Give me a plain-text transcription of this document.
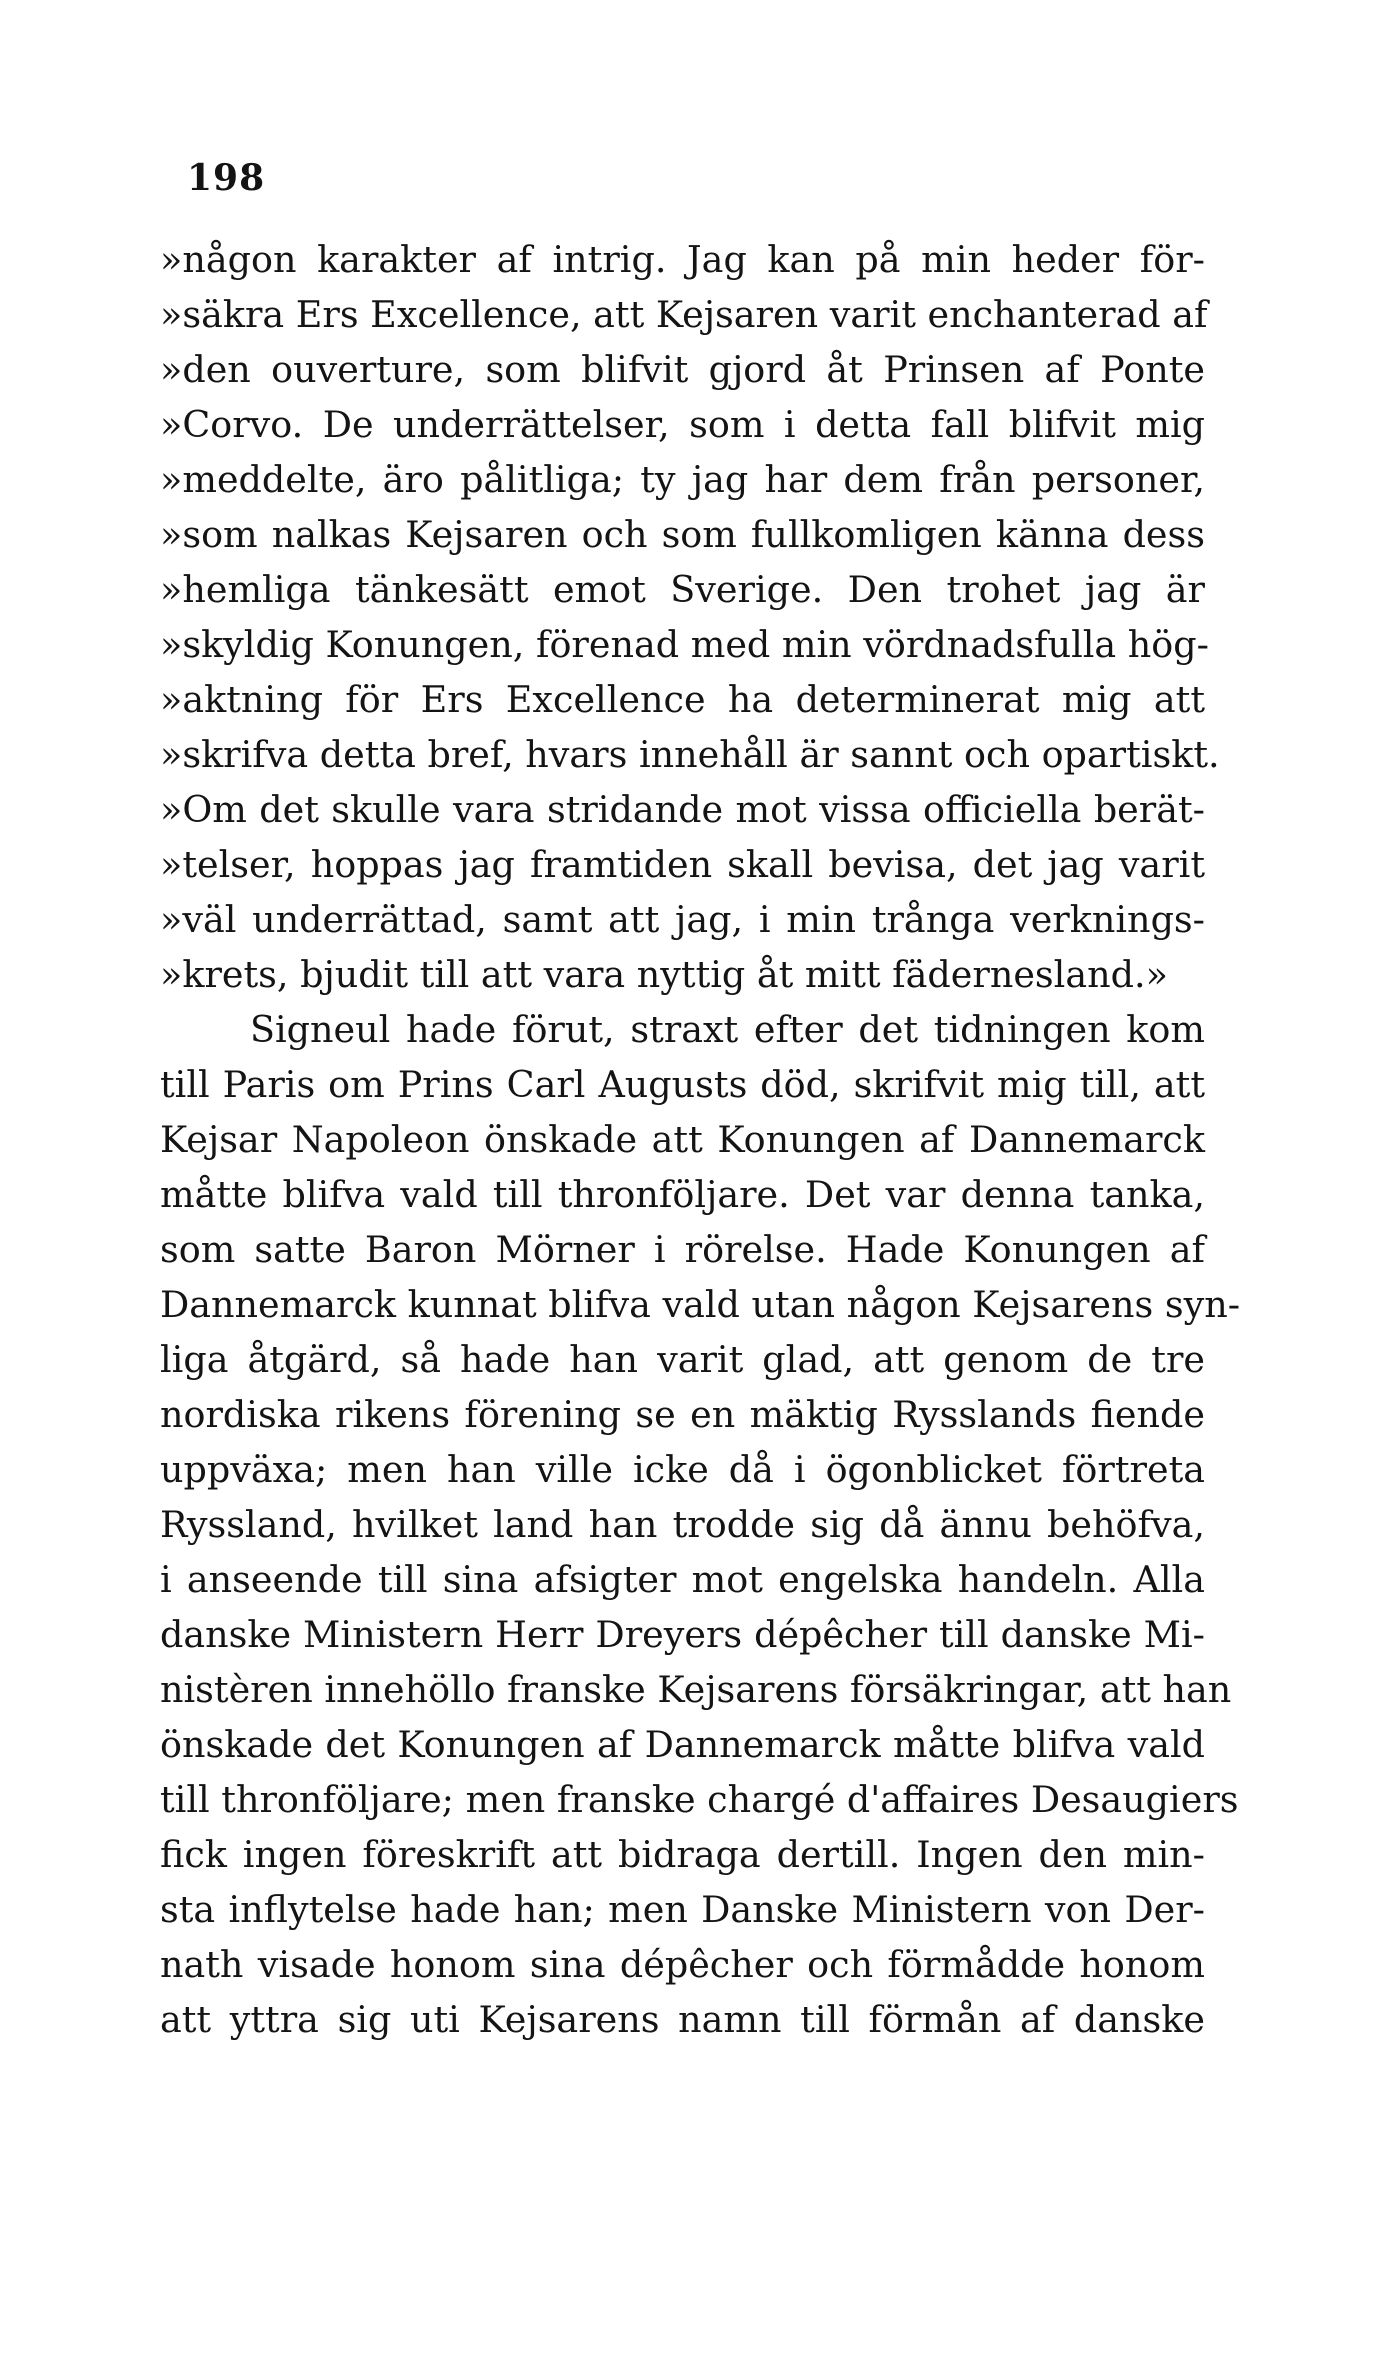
198
»någon karakter af intrig. Jag kan på min heder för-
»säkra Ers Excellence, att Kejsaren varit enchanterad af
»den ouverture, som blifvit gjord åt Prinsen af Ponte
»Corvo. De underrättelser, som i detta fall blifvit mig
»meddelte, äro pålitliga; ty jag har dem från personer,
»som nalkas Kejsaren och som fullkomligen känna dess
»hemliga tänkesätt emot Sverige. Den trohet jag är
»skyldig Konungen, förenad med min vördnadsfulla hög-
»aktning för Ers Excellence ha determinerat mig att
»skrifva detta bref, hvars innehåll är sannt och opartiskt.
»Om det skulle vara stridande mot vissa officiella berät-
»telser, hoppas jag framtiden skall bevisa, det jag varit
»väl underrättad, samt att jag, i min trånga verknings-
»krets, bjudit till att vara nyttig åt mitt fädernesland.»
Signeul hade förut, straxt efter det tidningen kom
till Paris om Prins Carl Augusts död, skrifvit mig till, att
Kejsar Napoleon önskade att Konungen af Dannemarck
måtte blifva vald till thronföljare. Det var denna tanka,
som satte Baron Mörner i rörelse. Hade Konungen af
Dannemarck kunnat blifva vald utan någon Kejsarens syn-
liga åtgärd, så hade han varit glad, att genom de tre
nordiska rikens förening se en mäktig Rysslands fiende
uppväxa; men han ville icke då i ögonblicket förtreta
Ryssland, hvilket land han trodde sig då ännu behöfva,
i anseende till sina afsigter mot engelska handeln. Alla
danske Ministern Herr Dreyers dépêcher till danske Mi-
nistèren innehöllo franske Kejsarens försäkringar, att han
önskade det Konungen af Dannemarck måtte blifva vald
till thronföljare; men franske chargé d'affaires Desaugiers
fick ingen föreskrift att bidraga dertill. Ingen den min-
sta inflytelse hade han; men Danske Ministern von Der-
nath visade honom sina dépêcher och förmådde honom
att yttra sig uti Kejsarens namn till förmån af danske
